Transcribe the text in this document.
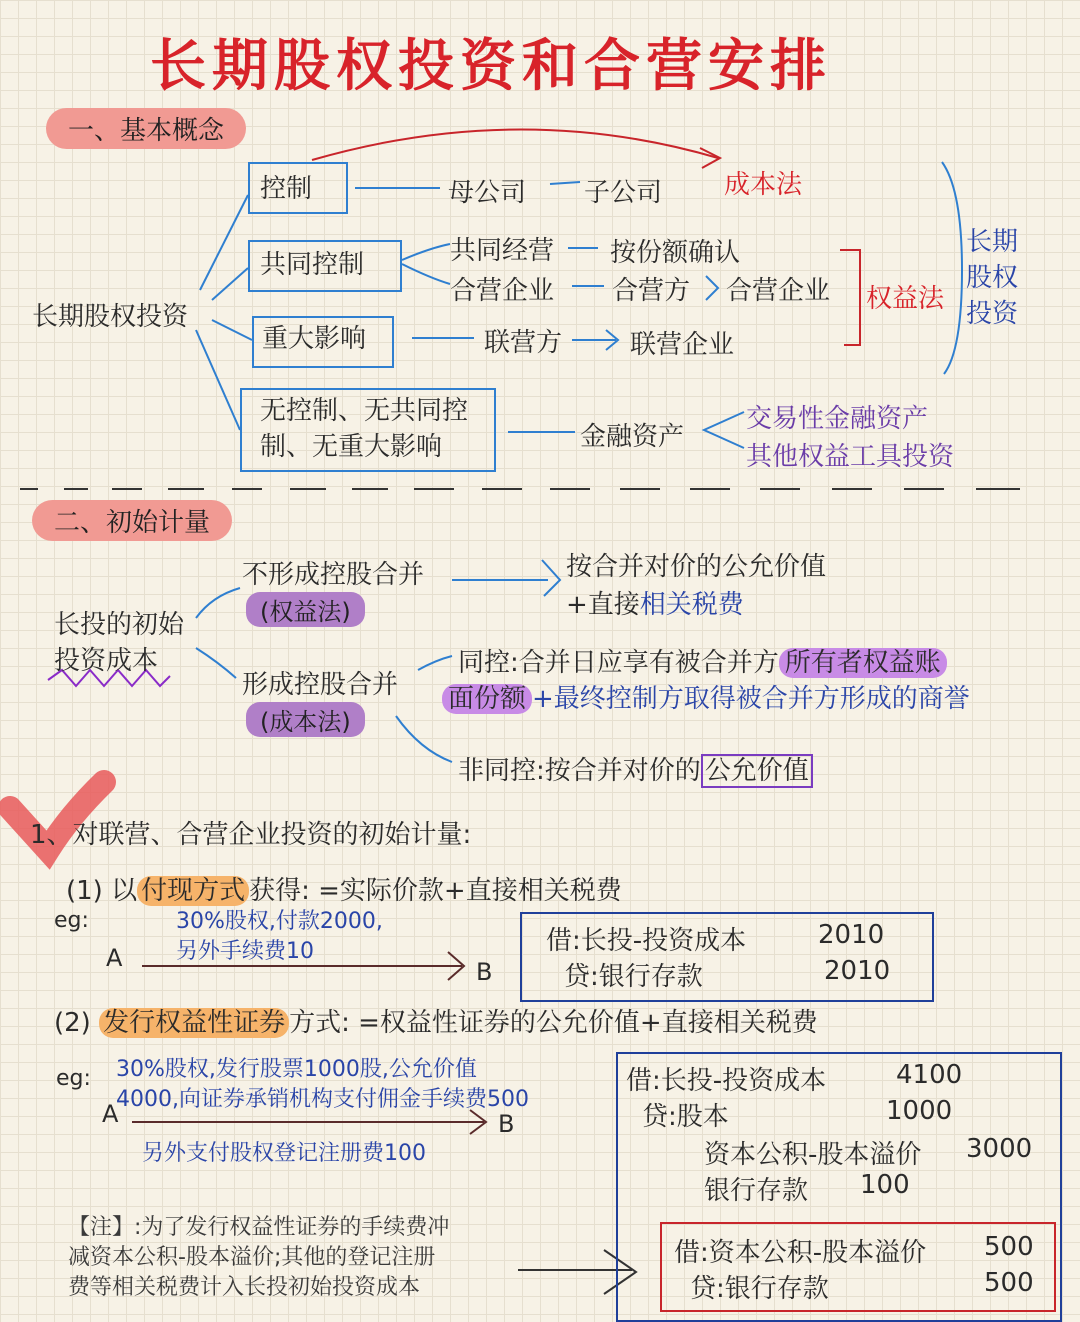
长期股权投资和合营安排
一、基本概念
长期股权投资
控制	母公司 子公司 成本法
共同控制	共同经营 按份额确认
合营企业 合营方 合营企业 权益法
重大影响	联营方	联营企业
长期股权投资
无控制、无共同控
制、无重大影响	金融资产
交易性金融资产
其他权益工具投资
二、初始计量
长投的初始
投资成本
不形成控股合并
(权益法)
按合并对价的公允价值
+直接相关税费
形成控股合并
(成本法)
同控:合并日应享有被合并方 所有者权益账
面份额 +最终控制方取得被合并方形成的商誉
非同控:按合并对价的 公允价值
1、对联营、合营企业投资的初始计量:
(1) 以 付现方式 获得: =实际价款+直接相关税费
eg:	30%股权,付款2000,
另外手续费10
A	B
借:长投-投资成本	2010
贷:银行存款	2010
(2) 发行权益性证券 方式: =权益性证券的公允价值+直接相关税费
eg: 30%股权,发行股票1000股,公允价值
4000,向证券承销机构支付佣金手续费500
A	B
另外支付股权登记注册费100
借:长投-投资成本	4100
贷:股本	1000
资本公积-股本溢价 3000
银行存款 100
【注】:为了发行权益性证券的手续费冲
减资本公积-股本溢价;其他的登记注册
费等相关税费计入长投初始投资成本
借:资本公积-股本溢价 500
贷:银行存款	500
